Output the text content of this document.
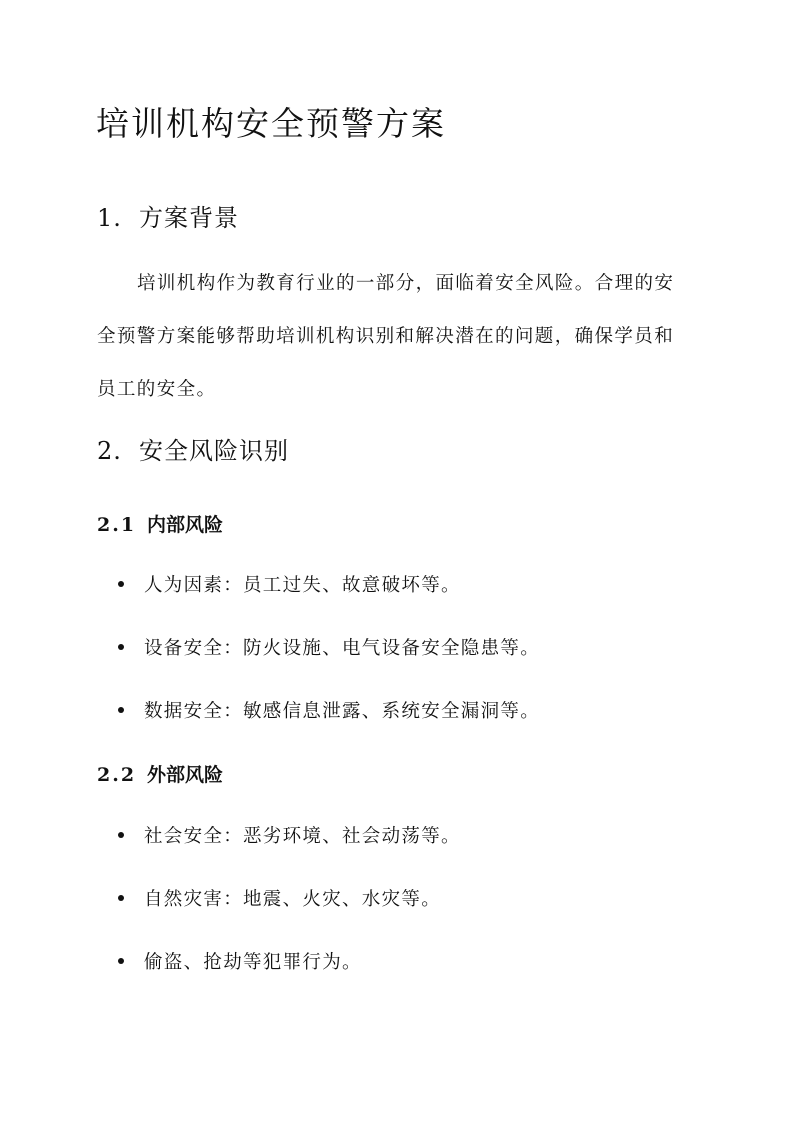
培训机构安全预警方案
1. 方案背景

培训机构作为教育行业的一部分，面临着安全风险。合理的安
全预警方案能够帮助培训机构识别和解决潜在的问题，确保学员和
员工的安全。

2. 安全风险识别
2.1 内部风险
人为因素：员工过失、故意破坏等。
设备安全：防火设施、电气设备安全隐患等。
数据安全：敏感信息泄露、系统安全漏洞等。
2.2 外部风险
社会安全：恶劣环境、社会动荡等。
自然灾害：地震、火灾、水灾等。
偷盗、抢劫等犯罪行为。
